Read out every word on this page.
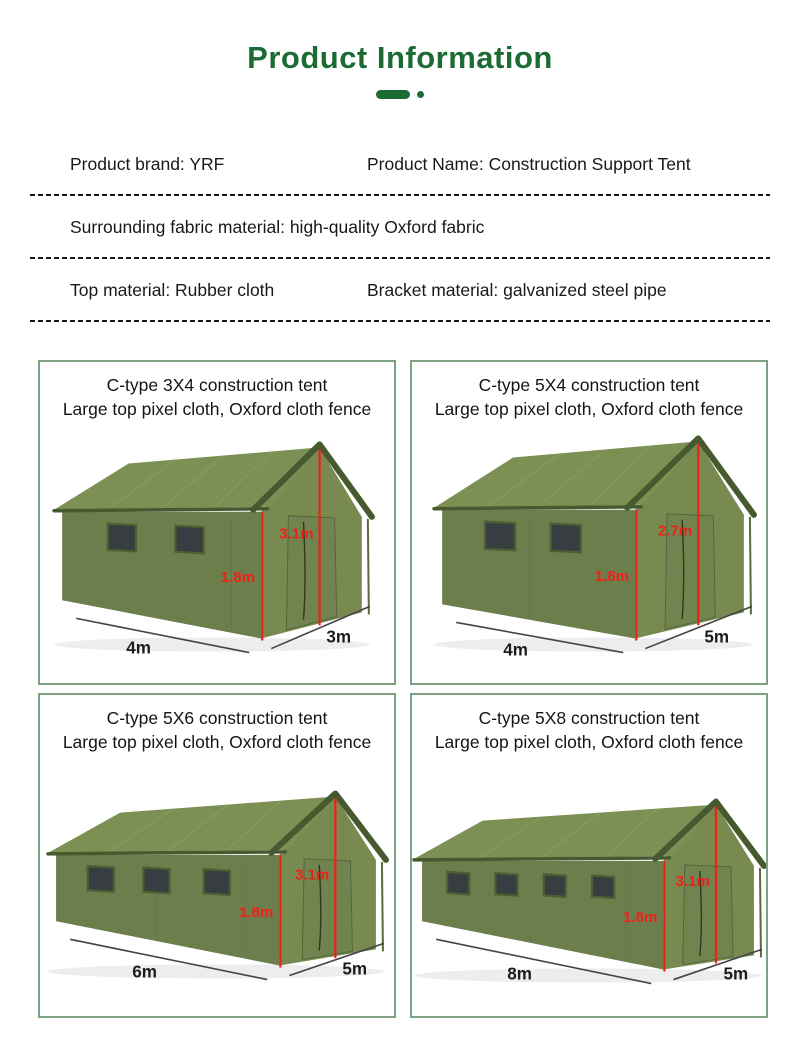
Product Information
Product brand: YRF	Product Name: Construction Support Tent
Surrounding fabric material: high-quality Oxford fabric
Top material: Rubber cloth	Bracket material: galvanized steel pipe

C-type 3X4 construction tent

Large top pixel cloth, Oxford cloth fence

3.1m
1.8m
4m
3m

C-type 5X4 construction tent

Large top pixel cloth, Oxford cloth fence

2.7m
1.8m
4m
5m

C-type 5X6 construction tent

Large top pixel cloth, Oxford cloth fence

3.1m
1.8m
6m	5m

C-type 5X8 construction tent

Large top pixel cloth, Oxford cloth fence

3.1m
1.8m
8m	5m
